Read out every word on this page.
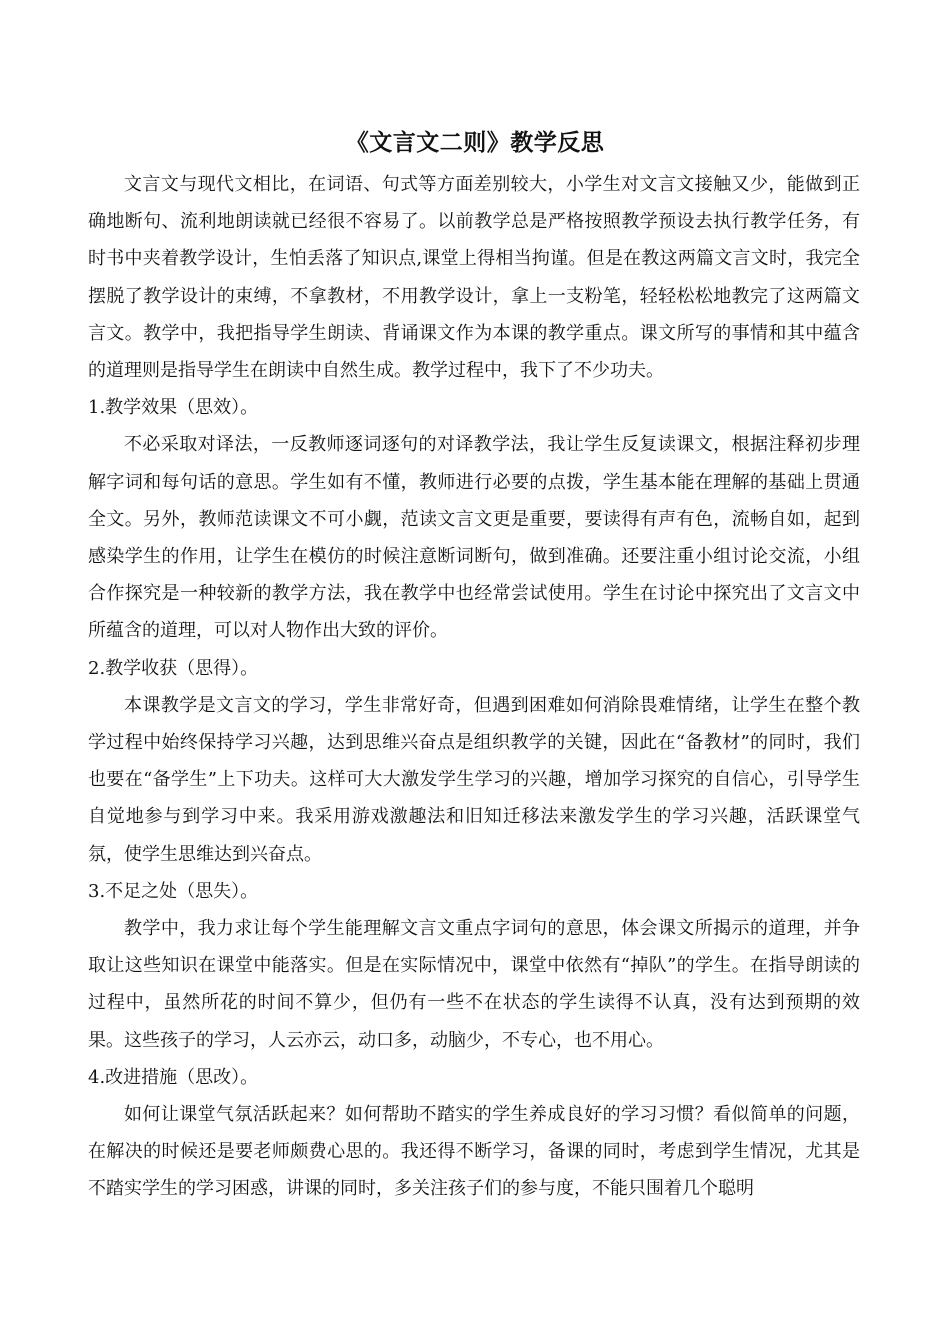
《文言文二则》教学反思

文言文与现代文相比，在词语、句式等方面差别较大，小学生对文言文接触又少，能做到正确地断句、流利地朗读就已经很不容易了。以前教学总是严格按照教学预设去执行教学任务，有时书中夹着教学设计，生怕丢落了知识点,课堂上得相当拘谨。但是在教这两篇文言文时，我完全摆脱了教学设计的束缚，不拿教材，不用教学设计，拿上一支粉笔，轻轻松松地教完了这两篇文言文。教学中，我把指导学生朗读、背诵课文作为本课的教学重点。课文所写的事情和其中蕴含的道理则是指导学生在朗读中自然生成。教学过程中，我下了不少功夫。

1.教学效果（思效）。

不必采取对译法，一反教师逐词逐句的对译教学法，我让学生反复读课文，根据注释初步理解字词和每句话的意思。学生如有不懂，教师进行必要的点拨，学生基本能在理解的基础上贯通全文。另外，教师范读课文不可小觑，范读文言文更是重要，要读得有声有色，流畅自如，起到感染学生的作用，让学生在模仿的时候注意断词断句，做到准确。还要注重小组讨论交流，小组合作探究是一种较新的教学方法，我在教学中也经常尝试使用。学生在讨论中探究出了文言文中所蕴含的道理，可以对人物作出大致的评价。

2.教学收获（思得）。

本课教学是文言文的学习，学生非常好奇，但遇到困难如何消除畏难情绪，让学生在整个教学过程中始终保持学习兴趣，达到思维兴奋点是组织教学的关键，因此在“备教材”的同时，我们也要在“备学生”上下功夫。这样可大大激发学生学习的兴趣，增加学习探究的自信心，引导学生自觉地参与到学习中来。我采用游戏激趣法和旧知迁移法来激发学生的学习兴趣，活跃课堂气氛，使学生思维达到兴奋点。

3.不足之处（思失）。

教学中，我力求让每个学生能理解文言文重点字词句的意思，体会课文所揭示的道理，并争取让这些知识在课堂中能落实。但是在实际情况中，课堂中依然有“掉队”的学生。在指导朗读的过程中，虽然所花的时间不算少，但仍有一些不在状态的学生读得不认真，没有达到预期的效果。这些孩子的学习，人云亦云，动口多，动脑少，不专心，也不用心。

4.改进措施（思改）。

如何让课堂气氛活跃起来？如何帮助不踏实的学生养成良好的学习习惯？看似简单的问题，在解决的时候还是要老师颇费心思的。我还得不断学习，备课的同时，考虑到学生情况，尤其是不踏实学生的学习困惑，讲课的同时，多关注孩子们的参与度，不能只围着几个聪明
